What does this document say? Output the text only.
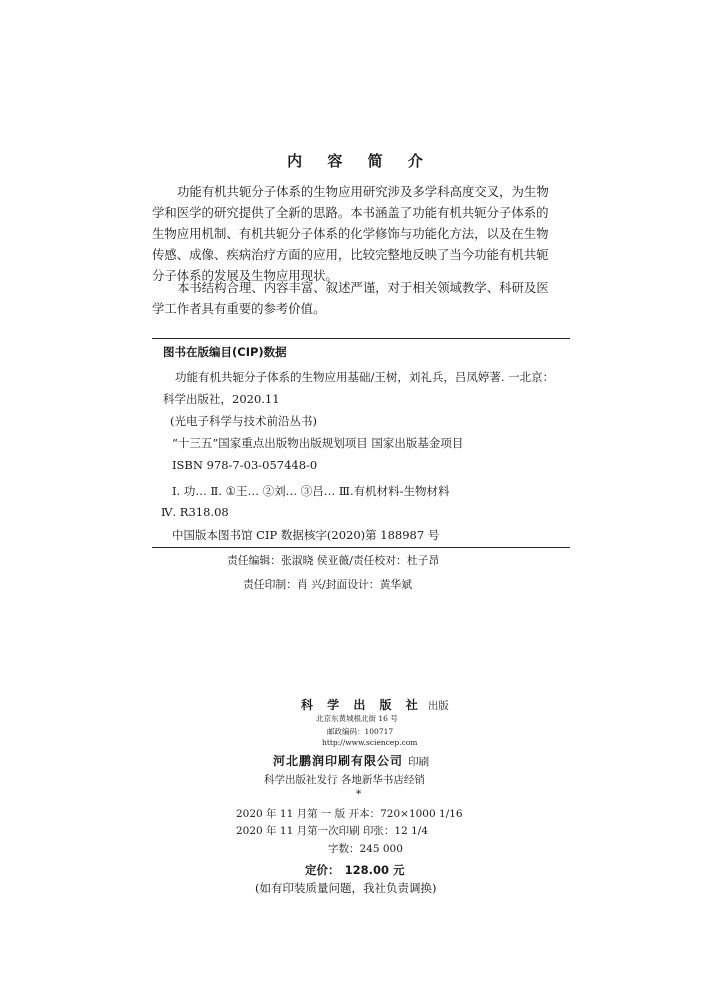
内 容 简 介
功能有机共轭分子体系的生物应用研究涉及多学科高度交叉，为生物
学和医学的研究提供了全新的思路。本书涵盖了功能有机共轭分子体系的
生物应用机制、有机共轭分子体系的化学修饰与功能化方法，以及在生物
传感、成像、疾病治疗方面的应用，比较完整地反映了当今功能有机共轭
分子体系的发展及生物应用现状。
本书结构合理、内容丰富、叙述严谨，对于相关领域教学、科研及医
学工作者具有重要的参考价值。
图书在版编目(CIP)数据
功能有机共轭分子体系的生物应用基础/王树，刘礼兵，吕凤婷著. 一北京：
科学出版社，2020.11
(光电子科学与技术前沿丛书)
“十三五”国家重点出版物出版规划项目 国家出版基金项目
ISBN 978-7-03-057448-0
Ⅰ. 功… Ⅱ. ①王… ②刘… ③吕… Ⅲ.有机材料-生物材料
Ⅳ. R318.08
中国版本图书馆 CIP 数据核字(2020)第 188987 号
责任编辑：张淑晓 侯亚薇/责任校对：杜子昂
责任印制：肖 兴/封面设计：黄华斌
科 学 出 版 社 出版
北京东黄城根北街 16 号
邮政编码：100717
http://www.sciencep.com
河北鹏润印刷有限公司 印刷
科学出版社发行 各地新华书店经销
*
2020 年 11 月第 一 版 开本：720×1000 1/16
2020 年 11 月第一次印刷 印张：12 1/4
字数：245 000
定价： 128.00 元
(如有印装质量问题，我社负责调换)
